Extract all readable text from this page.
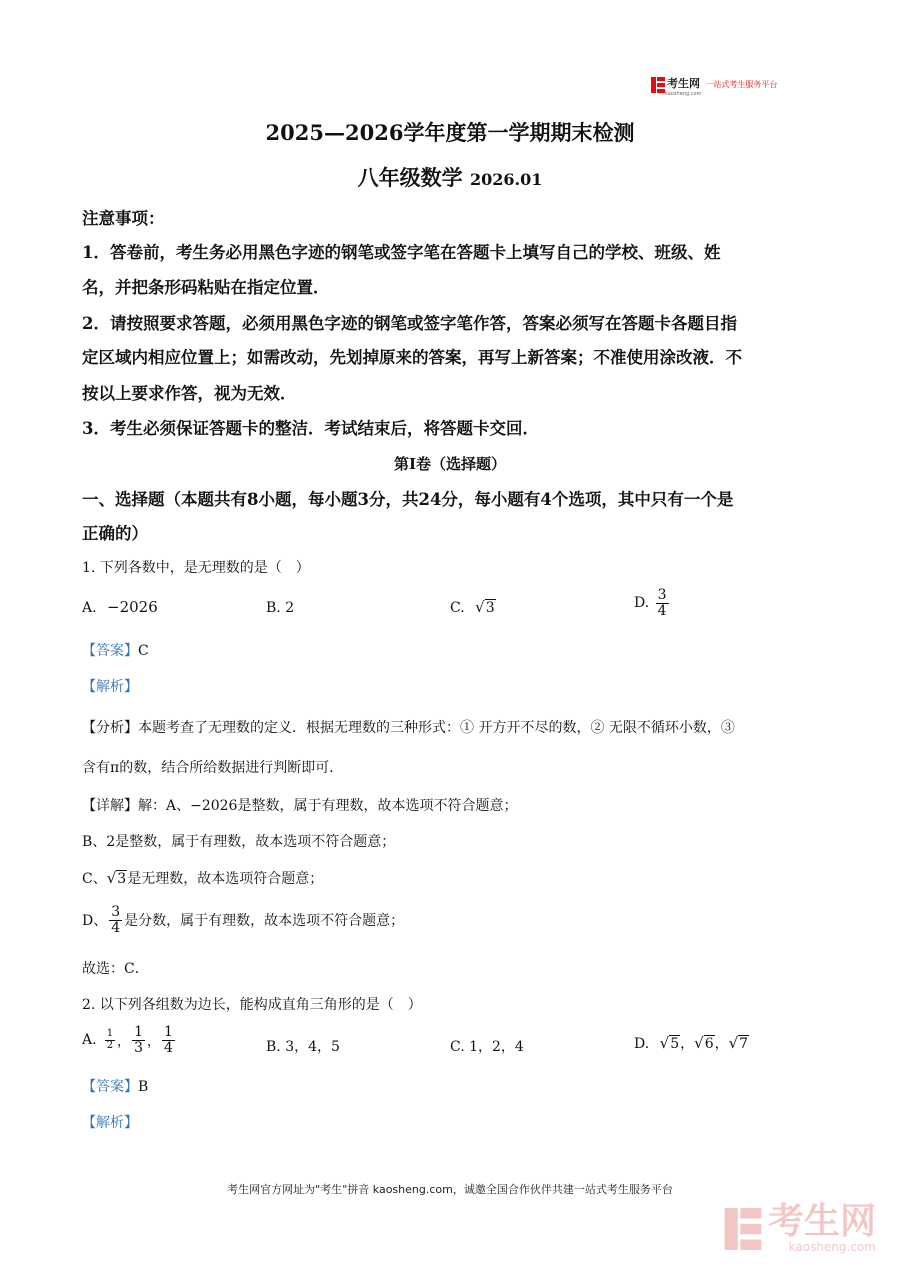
考生网
kaosheng.com
一站式考生服务平台
2025—2026学年度第一学期期末检测
八年级数学 2026.01
注意事项：
1．答卷前，考生务必用黑色字迹的钢笔或签字笔在答题卡上填写自己的学校、班级、姓
名，并把条形码粘贴在指定位置．
2．请按照要求答题，必须用黑色字迹的钢笔或签字笔作答，答案必须写在答题卡各题目指
定区域内相应位置上；如需改动，先划掉原来的答案，再写上新答案；不准使用涂改液．不
按以上要求作答，视为无效．
3．考生必须保证答题卡的整洁．考试结束后，将答题卡交回．
第Ⅰ卷（选择题）
一、选择题（本题共有8小题，每小题3分，共24分，每小题有4个选项，其中只有一个是
正确的）
1. 下列各数中，是无理数的是（　）
A. −2026	B. 2	C. √3	D. $\frac{3}{4}$
【答案】C
【解析】
【分析】本题考查了无理数的定义．根据无理数的三种形式：① 开方开不尽的数，② 无限不循环小数，③
含有π的数，结合所给数据进行判断即可．
【详解】解：A、−2026是整数，属于有理数，故本选项不符合题意；
B、2是整数，属于有理数，故本选项不符合题意；
C、√3是无理数，故本选项符合题意；
D、 $\frac{3}{4}$ 是分数，属于有理数，故本选项不符合题意；
故选：C．
2. 以下列各组数为边长，能构成直角三角形的是（　）
A. $\frac{1}{2}$ ， $\frac{1}{3}$ ， $\frac{1}{4}$	B. 3，4，5	C. 1，2，4	D. √5，√6，√7
【答案】B
【解析】
考生网官方网址为"考生"拼音 kaosheng.com，诚邀全国合作伙伴共建一站式考生服务平台
考生网
kaosheng.com
